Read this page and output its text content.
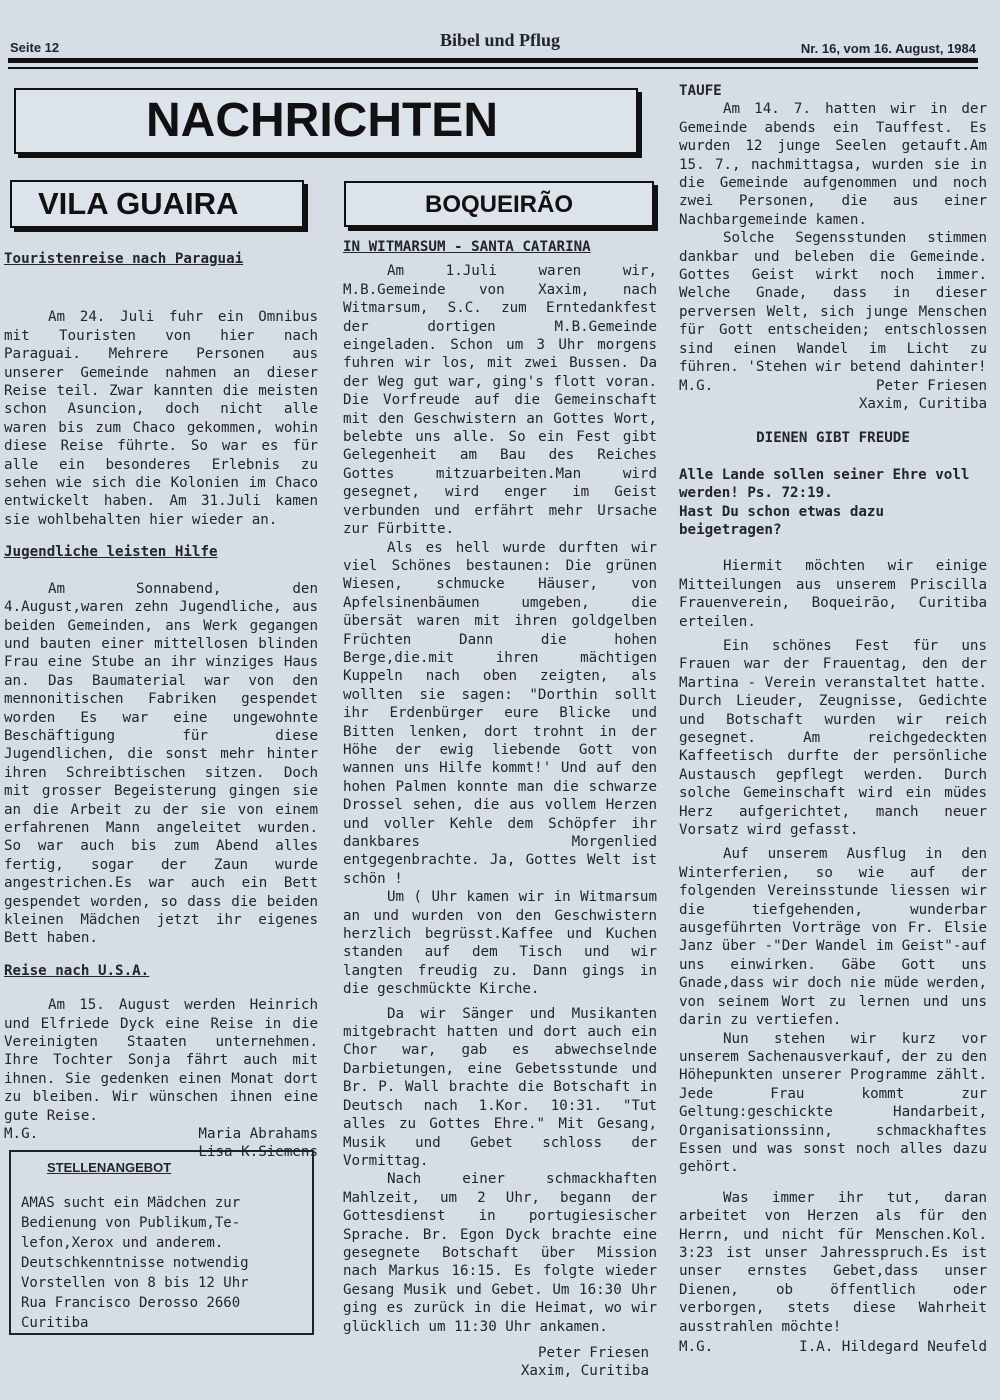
Seite 12	Bibel und Pflug	Nr. 16, vom 16. August, 1984
NACHRICHTEN
VILA GUAIRA	BOQUEIRÃO

Touristenreise nach Paraguai

Am 24. Juli fuhr ein Omnibus mit Touristen von hier nach Paraguai. Mehrere Personen aus unserer Gemeinde nahmen an dieser Reise teil. Zwar kannten die meisten schon Asuncion, doch nicht alle waren bis zum Chaco gekommen, wohin diese Reise führte. So war es für alle ein besonderes Erlebnis zu sehen wie sich die Kolonien im Chaco entwickelt haben. Am 31.Juli kamen sie wohlbehalten hier wieder an.

Jugendliche leisten Hilfe

Am Sonnabend, den 4.August,waren zehn Jugendliche, aus beiden Gemeinden, ans Werk gegangen und bauten einer mittellosen blinden Frau eine Stube an ihr winziges Haus an. Das Baumaterial war von den mennonitischen Fabriken gespendet worden Es war eine ungewohnte Beschäftigung für diese Jugendlichen, die sonst mehr hinter ihren Schreibtischen sitzen. Doch mit grosser Begeisterung gingen sie an die Arbeit zu der sie von einem erfahrenen Mann angeleitet wurden. So war auch bis zum Abend alles fertig, sogar der Zaun wurde angestrichen.Es war auch ein Bett gespendet worden, so dass die beiden kleinen Mädchen jetzt ihr eigenes Bett haben.

Reise nach U.S.A.

Am 15. August werden Heinrich und Elfriede Dyck eine Reise in die Vereinigten Staaten unternehmen. Ihre Tochter Sonja fährt auch mit ihnen. Sie gedenken einen Monat dort zu bleiben. Wir wünschen ihnen eine gute Reise.

M.G.	Maria Abrahams

Lisa K.Siemens

STELLENANGEBOT

AMAS sucht ein Mädchen zur

Bedienung von Publikum,Te-

lefon,Xerox und anderem.

Deutschkenntnisse notwendig

Vorstellen von 8 bis 12 Uhr

Rua Francisco Derosso 2660

Curitiba

IN WITMARSUM - SANTA CATARINA

Am 1.Juli waren wir, M.B.Gemeinde von Xaxim, nach Witmarsum, S.C. zum Erntedankfest der dortigen M.B.Gemeinde eingeladen. Schon um 3 Uhr morgens fuhren wir los, mit zwei Bussen. Da der Weg gut war, ging's flott voran. Die Vorfreude auf die Gemeinschaft mit den Geschwistern an Gottes Wort, belebte uns alle. So ein Fest gibt Gelegenheit am Bau des Reiches Gottes mitzuarbeiten.Man wird gesegnet, wird enger im Geist verbunden und erfährt mehr Ursache zur Fürbitte.

Als es hell wurde durften wir viel Schönes bestaunen: Die grünen Wiesen, schmucke Häuser, von Apfelsinenbäumen umgeben, die übersät waren mit ihren goldgelben Früchten Dann die hohen Berge,die.mit ihren mächtigen Kuppeln nach oben zeigten, als wollten sie sagen: "Dorthin sollt ihr Erdenbürger eure Blicke und Bitten lenken, dort trohnt in der Höhe der ewig liebende Gott von wannen uns Hilfe kommt!' Und auf den hohen Palmen konnte man die schwarze Drossel sehen, die aus vollem Herzen und voller Kehle dem Schöpfer ihr dankbares Morgenlied entgegenbrachte. Ja, Gottes Welt ist schön !

Um ( Uhr kamen wir in Witmarsum an und wurden von den Geschwistern herzlich begrüsst.Kaffee und Kuchen standen auf dem Tisch und wir langten freudig zu. Dann gings in die geschmückte Kirche.

Da wir Sänger und Musikanten mitgebracht hatten und dort auch ein Chor war, gab es abwechselnde Darbietungen, eine Gebetsstunde und Br. P. Wall brachte die Botschaft in Deutsch nach 1.Kor. 10:31. "Tut alles zu Gottes Ehre." Mit Gesang, Musik und Gebet schloss der Vormittag.

Nach einer schmackhaften Mahlzeit, um 2 Uhr, begann der Gottesdienst in portugiesischer Sprache. Br. Egon Dyck brachte eine gesegnete Botschaft über Mission nach Markus 16:15. Es folgte wieder Gesang Musik und Gebet. Um 16:30 Uhr ging es zurück in die Heimat, wo wir glücklich um 11:30 Uhr ankamen.

Peter Friesen

Xaxim, Curitiba

TAUFE

Am 14. 7. hatten wir in der Gemeinde abends ein Tauffest. Es wurden 12 junge Seelen getauft.Am 15. 7., nachmittagsa, wurden sie in die Gemeinde aufgenommen und noch zwei Personen, die aus einer Nachbargemeinde kamen.

Solche Segensstunden stimmen dankbar und beleben die Gemeinde. Gottes Geist wirkt noch immer. Welche Gnade, dass in dieser perversen Welt, sich junge Menschen für Gott entscheiden; entschlossen sind einen Wandel im Licht zu führen. 'Stehen wir betend dahinter!

M.G.	Peter Friesen

Xaxim, Curitiba

DIENEN GIBT FREUDE

Alle Lande sollen seiner Ehre voll werden! Ps. 72:19.

Hast Du schon etwas dazu beigetragen?

Hiermit möchten wir einige Mitteilungen aus unserem Priscilla Frauenverein, Boqueirão, Curitiba erteilen.

Ein schönes Fest für uns Frauen war der Frauentag, den der Martina - Verein veranstaltet hatte. Durch Lieuder, Zeugnisse, Gedichte und Botschaft wurden wir reich gesegnet. Am reichgedeckten Kaffeetisch durfte der persönliche Austausch gepflegt werden. Durch solche Gemeinschaft wird ein müdes Herz aufgerichtet, manch neuer Vorsatz wird gefasst.

Auf unserem Ausflug in den Winterferien, so wie auf der folgenden Vereinsstunde liessen wir die tiefgehenden, wunderbar ausgeführten Vorträge von Fr. Elsie Janz über -"Der Wandel im Geist"-auf uns einwirken. Gäbe Gott uns Gnade,dass wir doch nie müde werden, von seinem Wort zu lernen und uns darin zu vertiefen.

Nun stehen wir kurz vor unserem Sachenausverkauf, der zu den Höhepunkten unserer Programme zählt. Jede Frau kommt zur Geltung:geschickte Handarbeit, Organisationssinn, schmackhaftes Essen und was sonst noch alles dazu gehört.

Was immer ihr tut, daran arbeitet von Herzen als für den Herrn, und nicht für Menschen.Kol. 3:23 ist unser Jahresspruch.Es ist unser ernstes Gebet,dass unser Dienen, ob öffentlich oder verborgen, stets diese Wahrheit ausstrahlen möchte!

M.G.	I.A. Hildegard Neufeld
